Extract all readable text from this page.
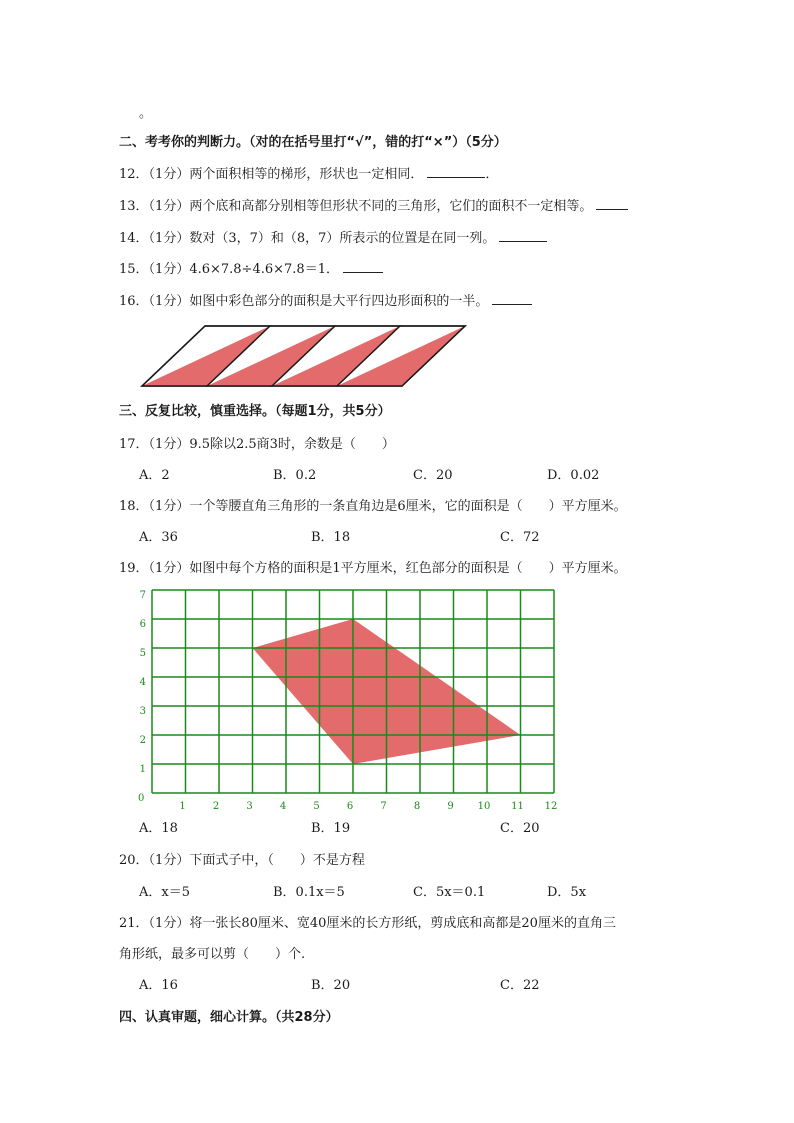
。
二、考考你的判断力。（对的在括号里打“√”，错的打“×”）（5分）
12．（1分）两个面积相等的梯形，形状也一定相同．	．
13．（1分）两个底和高都分别相等但形状不同的三角形，它们的面积不一定相等。
14．（1分）数对（3，7）和（8，7）所表示的位置是在同一列。
15．（1分）4.6×7.8÷4.6×7.8＝1．
16．（1分）如图中彩色部分的面积是大平行四边形面积的一半。
三、反复比较，慎重选择。（每题1分，共5分）
17．（1分）9.5除以2.5商3时，余数是（　　）
A．2	B．0.2	C．20	D．0.02
18．（1分）一个等腰直角三角形的一条直角边是6厘米，它的面积是（　　）平方厘米。
A．36	B．18	C．72
19．（1分）如图中每个方格的面积是1平方厘米，红色部分的面积是（　　）平方厘米。
0
1	2	3	4	5	6	7	8	9 10 11 12
1
2
3
4
5
6
7
A．18	B．19	C．20
20．（1分）下面式子中，（　　）不是方程
A．x＝5	B．0.1x＝5	C．5x＝0.1	D．5x
21．（1分）将一张长80厘米、宽40厘米的长方形纸，剪成底和高都是20厘米的直角三
角形纸，最多可以剪（　　）个.
A．16	B．20	C．22
四、认真审题，细心计算。（共28分）
